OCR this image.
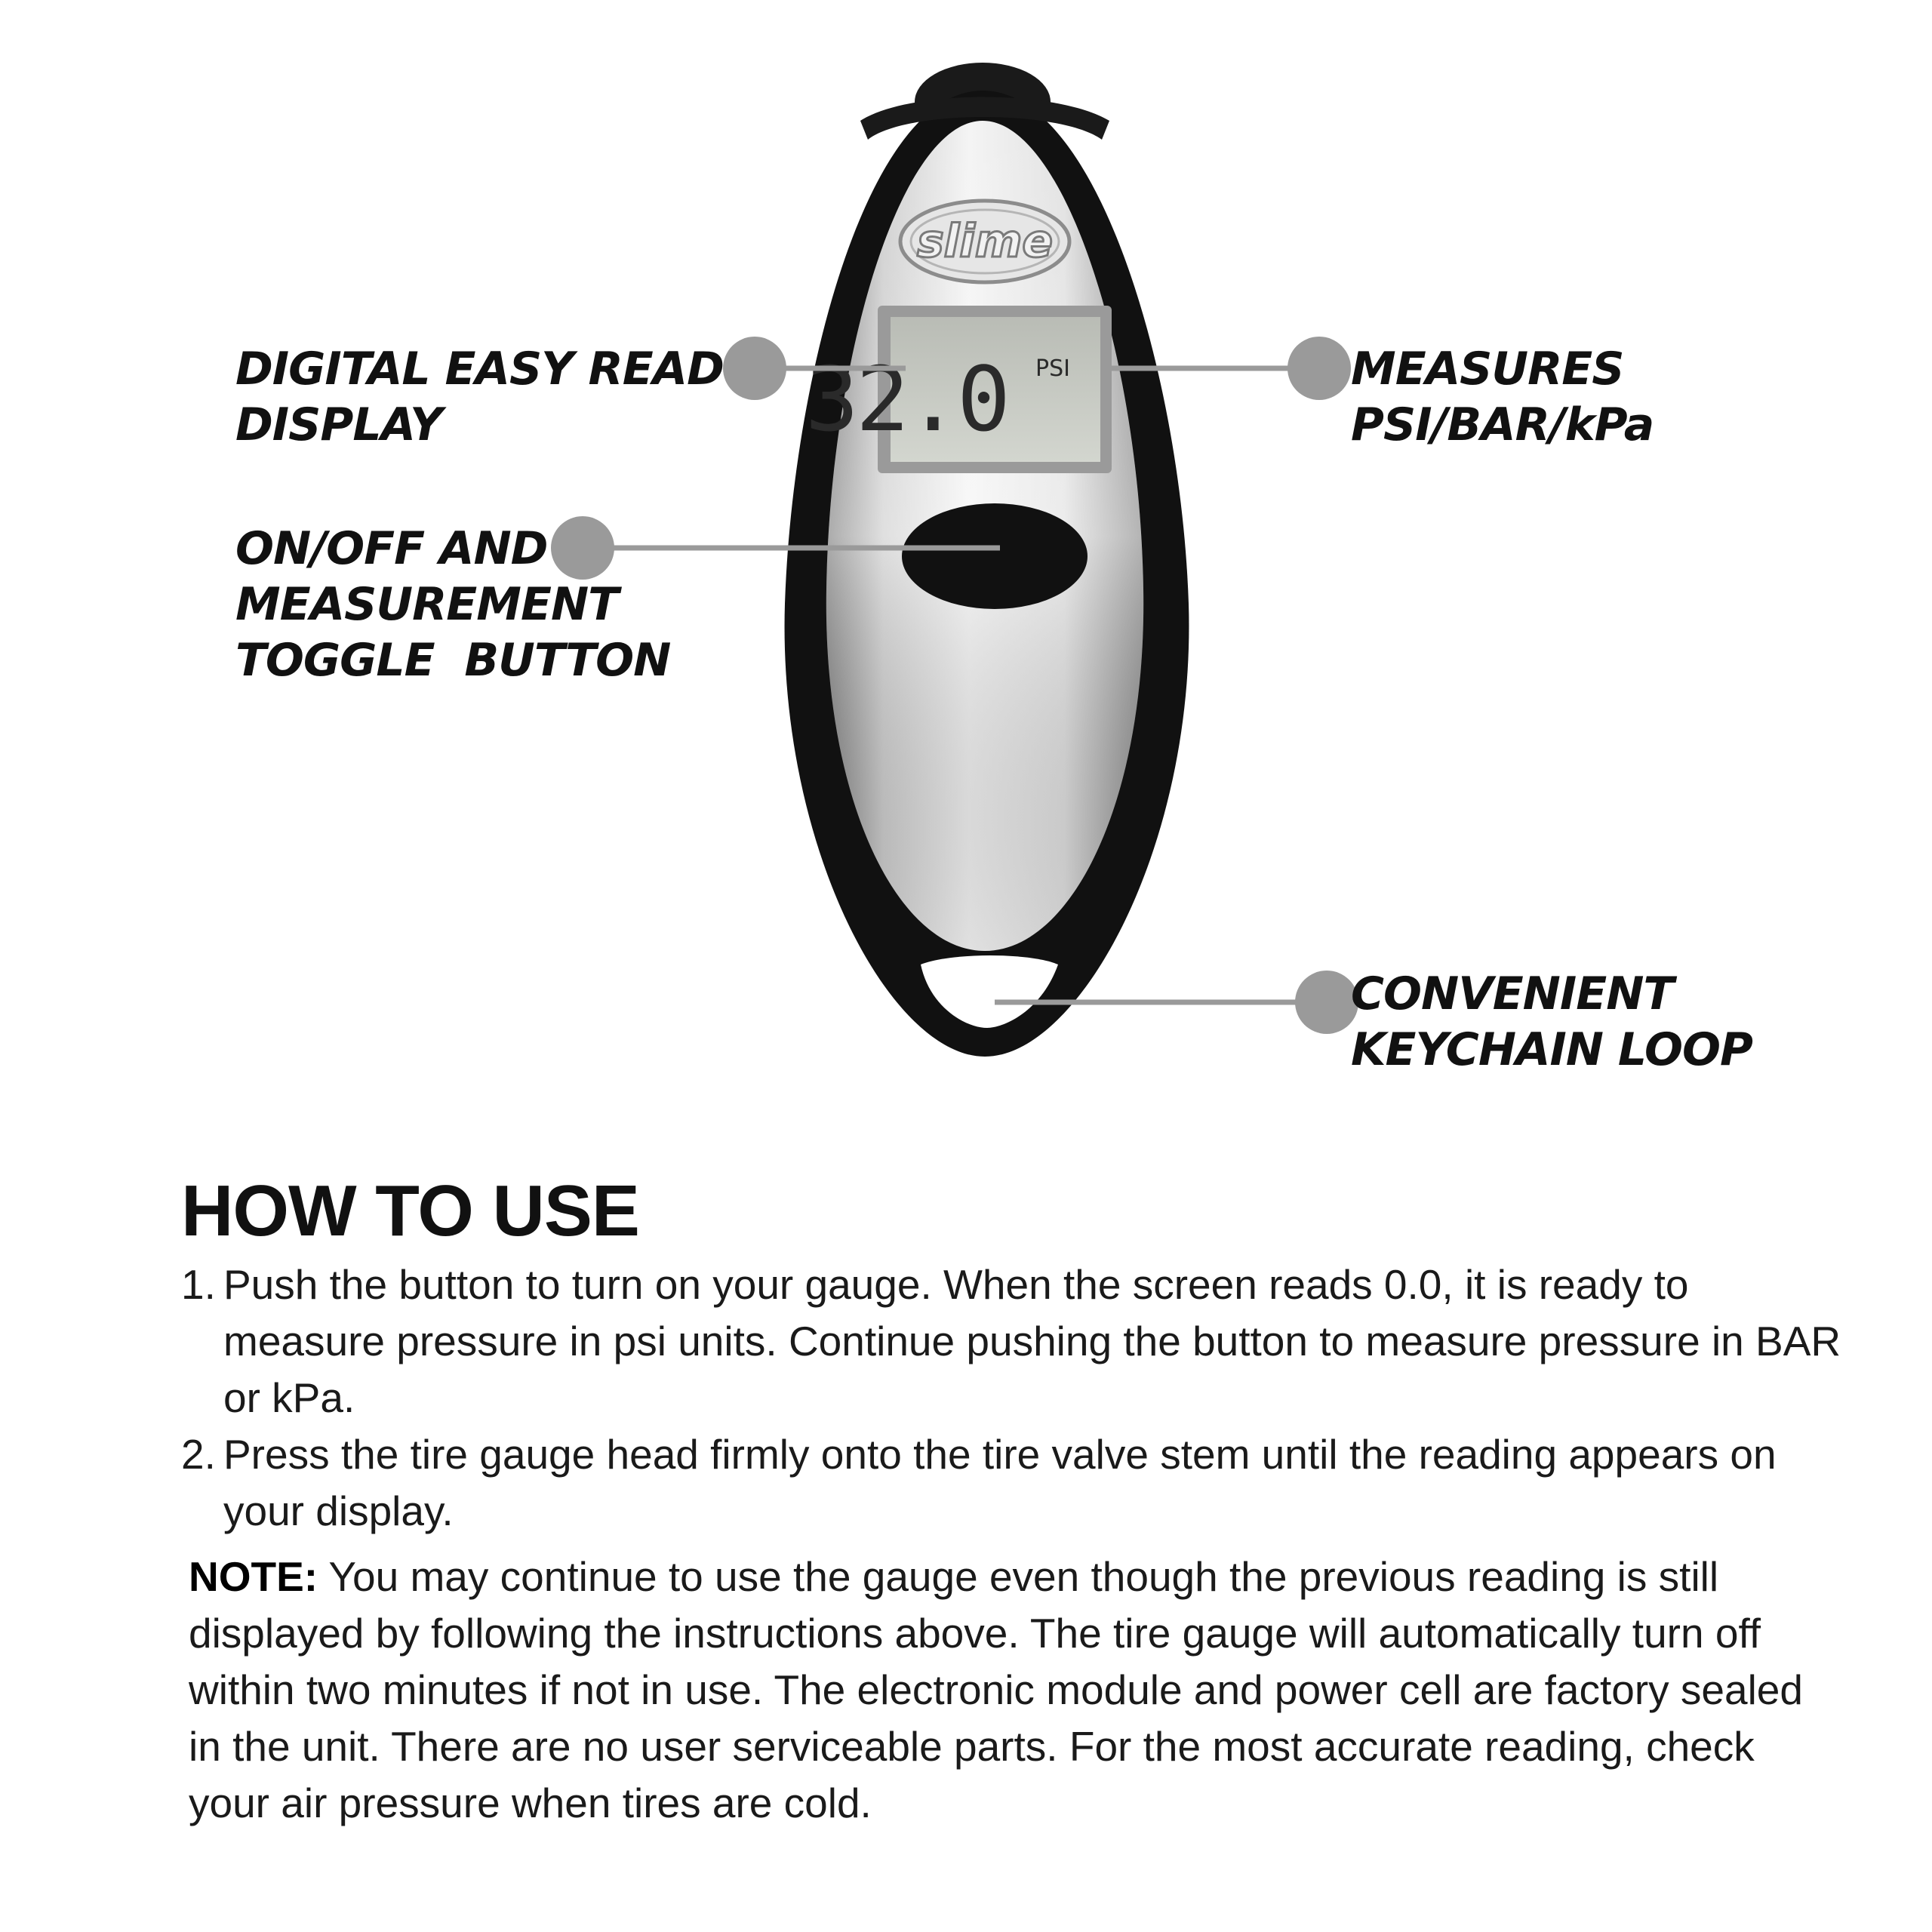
slime
32.0 PSI
DIGITAL EASY READ
DISPLAY
ON/OFF AND
MEASUREMENT
TOGGLE  BUTTON
MEASURES
PSI/BAR/kPa
CONVENIENT
KEYCHAIN LOOP
HOW TO USE
1. Push the button to turn on your gauge. When the screen reads 0.0, it is ready to measure pressure in psi units. Continue pushing the button to measure pressure in BAR or kPa.
2. Press the tire gauge head firmly onto the tire valve stem until the reading appears on your display.

NOTE: You may continue to use the gauge even though the previous reading is still displayed by following the instructions above. The tire gauge will automatically turn off within two minutes if not in use. The electronic module and power cell are factory sealed in the unit. There are no user serviceable parts. For the most accurate reading, check your air pressure when tires are cold.
